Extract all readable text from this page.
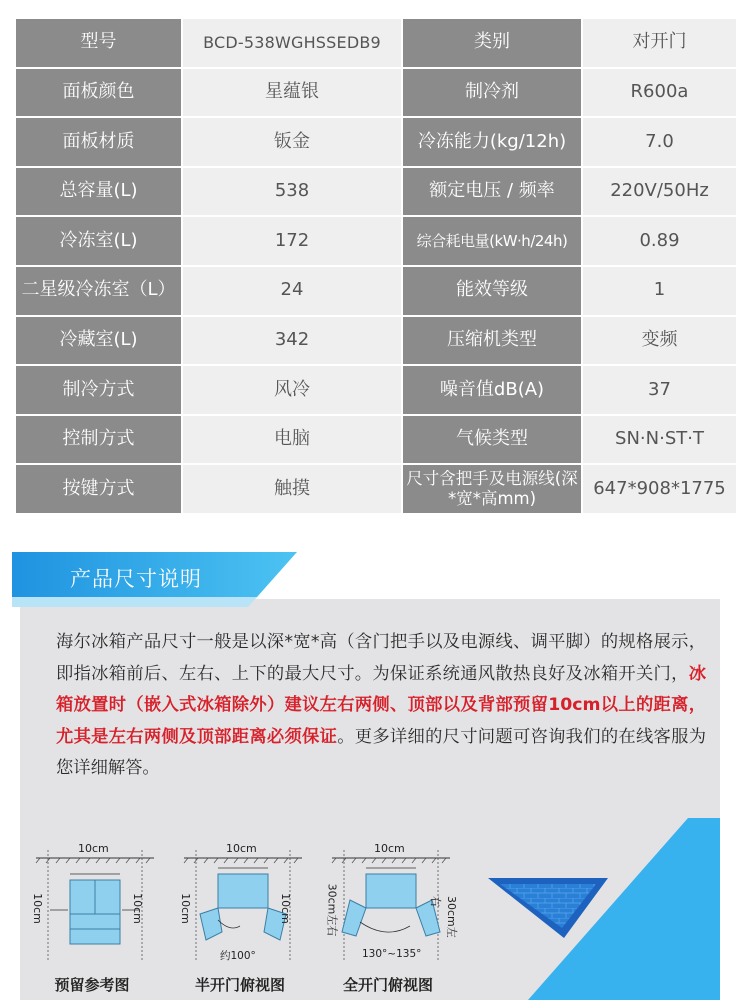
型号	BCD-538WGHSSEDB9	类别	对开门
面板颜色	星蕴银	制冷剂	R600a
面板材质	钣金	冷冻能力(kg/12h)	7.0
总容量(L)	538	额定电压 / 频率	220V/50Hz
冷冻室(L)	172	综合耗电量(kW·h/24h)	0.89
二星级冷冻室（L）	24	能效等级	1
冷藏室(L)	342	压缩机类型	变频
制冷方式	风冷	噪音值dB(A)	37
控制方式	电脑	气候类型	SN·N·ST·T
按键方式	触摸	尺寸含把手及电源线(深*宽*高mm)	647*908*1775
产品尺寸说明

海尔冰箱产品尺寸一般是以深*宽*高（含门把手以及电源线、调平脚）的规格展示，即指冰箱前后、左右、上下的最大尺寸。为保证系统通风散热良好及冰箱开关门，冰箱放置时（嵌入式冰箱除外）建议左右两侧、顶部以及背部预留10cm以上的距离，尤其是左右两侧及顶部距离必须保证。更多详细的尺寸问题可咨询我们的在线客服为您详细解答。

10cm
10cm	10cm
预留参考图
10cm
10cm	10cm
约100°
半开门俯视图
10cm
30cm左右	30cm左右
130°~135°
全开门俯视图
